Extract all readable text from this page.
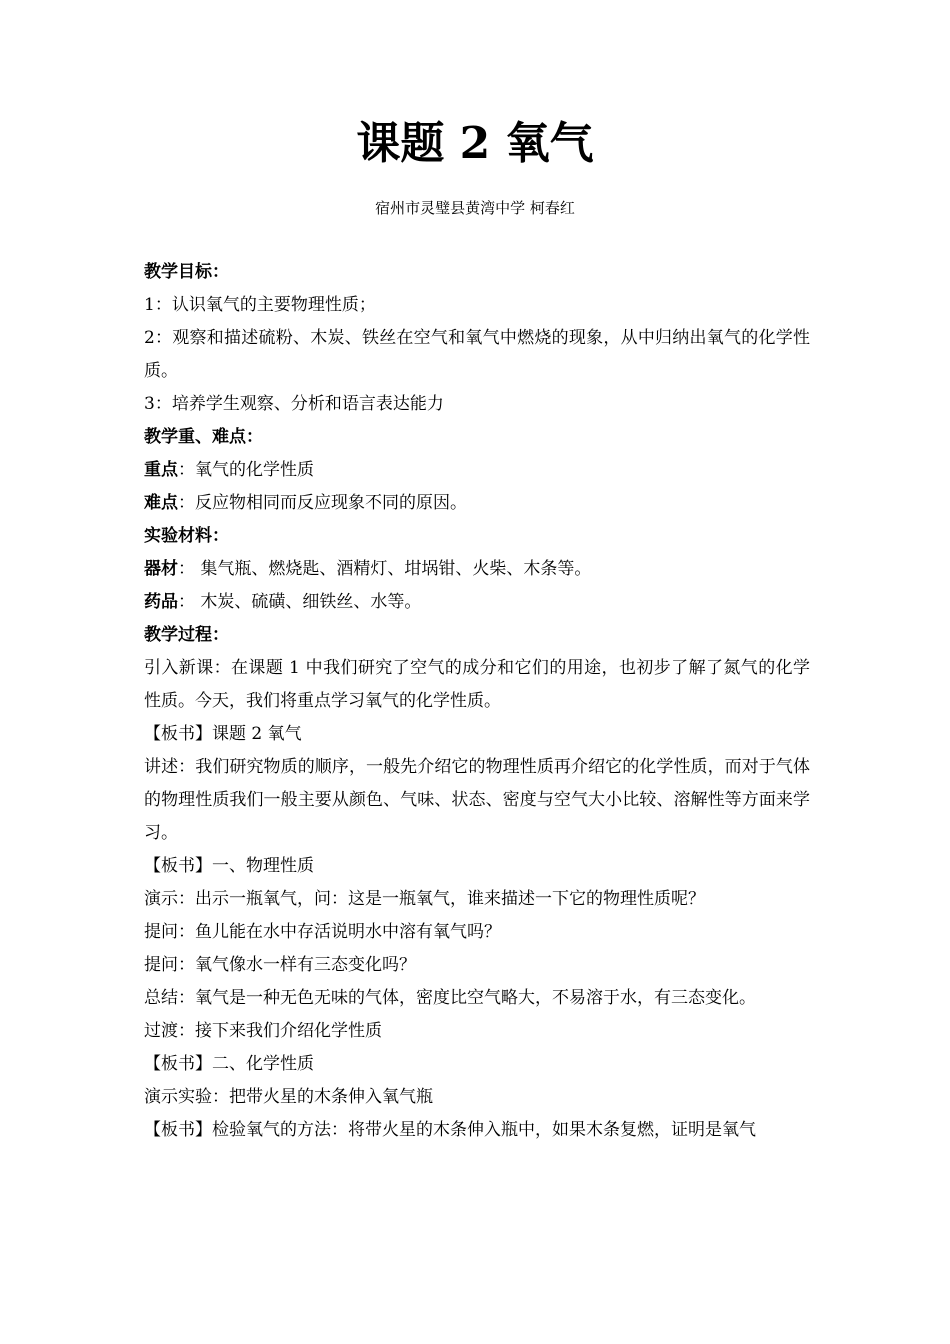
课题 2 氧气
宿州市灵璧县黄湾中学 柯春红

教学目标：

1：认识氧气的主要物理性质；

2：观察和描述硫粉、木炭、铁丝在空气和氧气中燃烧的现象，从中归纳出氧气的化学性质。

3：培养学生观察、分析和语言表达能力

教学重、难点：

重点：氧气的化学性质

难点：反应物相同而反应现象不同的原因。

实验材料：

器材： 集气瓶、燃烧匙、酒精灯、坩埚钳、火柴、木条等。

药品： 木炭、硫磺、细铁丝、水等。

教学过程：

引入新课：在课题 1 中我们研究了空气的成分和它们的用途，也初步了解了氮气的化学性质。今天，我们将重点学习氧气的化学性质。

【板书】课题 2 氧气

讲述：我们研究物质的顺序，一般先介绍它的物理性质再介绍它的化学性质，而对于气体的物理性质我们一般主要从颜色、气味、状态、密度与空气大小比较、溶解性等方面来学习。

【板书】一、物理性质

演示：出示一瓶氧气，问：这是一瓶氧气，谁来描述一下它的物理性质呢？

提问：鱼儿能在水中存活说明水中溶有氧气吗？

提问：氧气像水一样有三态变化吗？

总结：氧气是一种无色无味的气体，密度比空气略大，不易溶于水，有三态变化。

过渡：接下来我们介绍化学性质

【板书】二、化学性质

演示实验：把带火星的木条伸入氧气瓶

【板书】检验氧气的方法：将带火星的木条伸入瓶中，如果木条复燃，证明是氧气
